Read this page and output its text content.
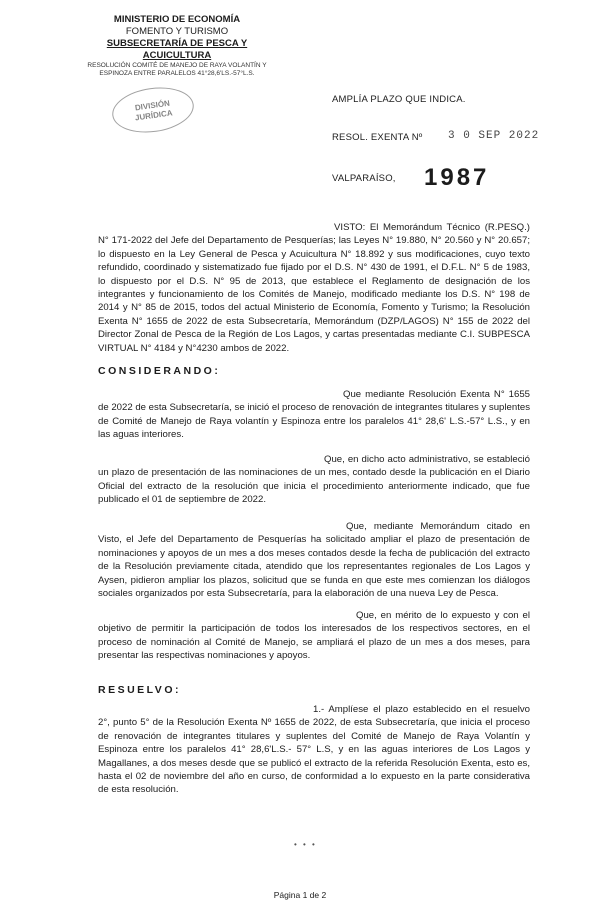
MINISTERIO DE ECONOMÍA
FOMENTO Y TURISMO
SUBSECRETARÍA DE PESCA Y ACUICULTURA
RESOLUCIÓN COMITÉ DE MANEJO DE RAYA VOLANTÍN Y
ESPINOZA ENTRE PARALELOS 41°28,6'LS.-57°L.S.
DIVISIÓN
JURÍDICA
AMPLÍA PLAZO QUE INDICA.
RESOL. EXENTA Nº 3 0 SEP 2022
VALPARAÍSO, 1987
VISTO: El Memorándum Técnico (R.PESQ.) N° 171-2022 del Jefe del Departamento de Pesquerías; las Leyes N° 19.880, N° 20.560 y N° 20.657; lo dispuesto en la Ley General de Pesca y Acuicultura N° 18.892 y sus modificaciones, cuyo texto refundido, coordinado y sistematizado fue fijado por el D.S. N° 430 de 1991, el D.F.L. N° 5 de 1983, lo dispuesto por el D.S. N° 95 de 2013, que establece el Reglamento de designación de los integrantes y funcionamiento de los Comités de Manejo, modificado mediante los D.S. N° 198 de 2014 y N° 85 de 2015, todos del actual Ministerio de Economía, Fomento y Turismo; la Resolución Exenta N° 1655 de 2022 de esta Subsecretaría, Memorándum (DZP/LAGOS) N° 155 de 2022 del Director Zonal de Pesca de la Región de Los Lagos, y cartas presentadas mediante C.I. SUBPESCA VIRTUAL N° 4184 y N°4230 ambos de 2022.
CONSIDERANDO:
Que mediante Resolución Exenta N° 1655 de 2022 de esta Subsecretaría, se inició el proceso de renovación de integrantes titulares y suplentes de Comité de Manejo de Raya volantín y Espinoza entre los paralelos 41° 28,6' L.S.-57° L.S., y en las aguas interiores.
Que, en dicho acto administrativo, se estableció un plazo de presentación de las nominaciones de un mes, contado desde la publicación en el Diario Oficial del extracto de la resolución que inicia el procedimiento anteriormente indicado, que fue publicado el 01 de septiembre de 2022.
Que, mediante Memorándum citado en Visto, el Jefe del Departamento de Pesquerías ha solicitado ampliar el plazo de presentación de nominaciones y apoyos de un mes a dos meses contados desde la fecha de publicación del extracto de la Resolución previamente citada, atendido que los representantes regionales de Los Lagos y Aysen, pidieron ampliar los plazos, solicitud que se funda en que este mes comienzan los diálogos sociales organizados por esta Subsecretaría, para la elaboración de una nueva Ley de Pesca.
Que, en mérito de lo expuesto y con el objetivo de permitir la participación de todos los interesados de los respectivos sectores, en el proceso de nominación al Comité de Manejo, se ampliará el plazo de un mes a dos meses, para presentar las respectivas nominaciones y apoyos.
RESUELVO:
1.- Amplíese el plazo establecido en el resuelvo 2°, punto 5° de la Resolución Exenta Nº 1655 de 2022, de esta Subsecretaría, que inicia el proceso de renovación de integrantes titulares y suplentes del Comité de Manejo de Raya Volantín y Espinoza entre los paralelos 41° 28,6'L.S.- 57° L.S, y en las aguas interiores de Los Lagos y Magallanes, a dos meses desde que se publicó el extracto de la referida Resolución Exenta, esto es, hasta el 02 de noviembre del año en curso, de conformidad a lo expuesto en la parte considerativa de esta resolución.
• • •
Página 1 de 2
